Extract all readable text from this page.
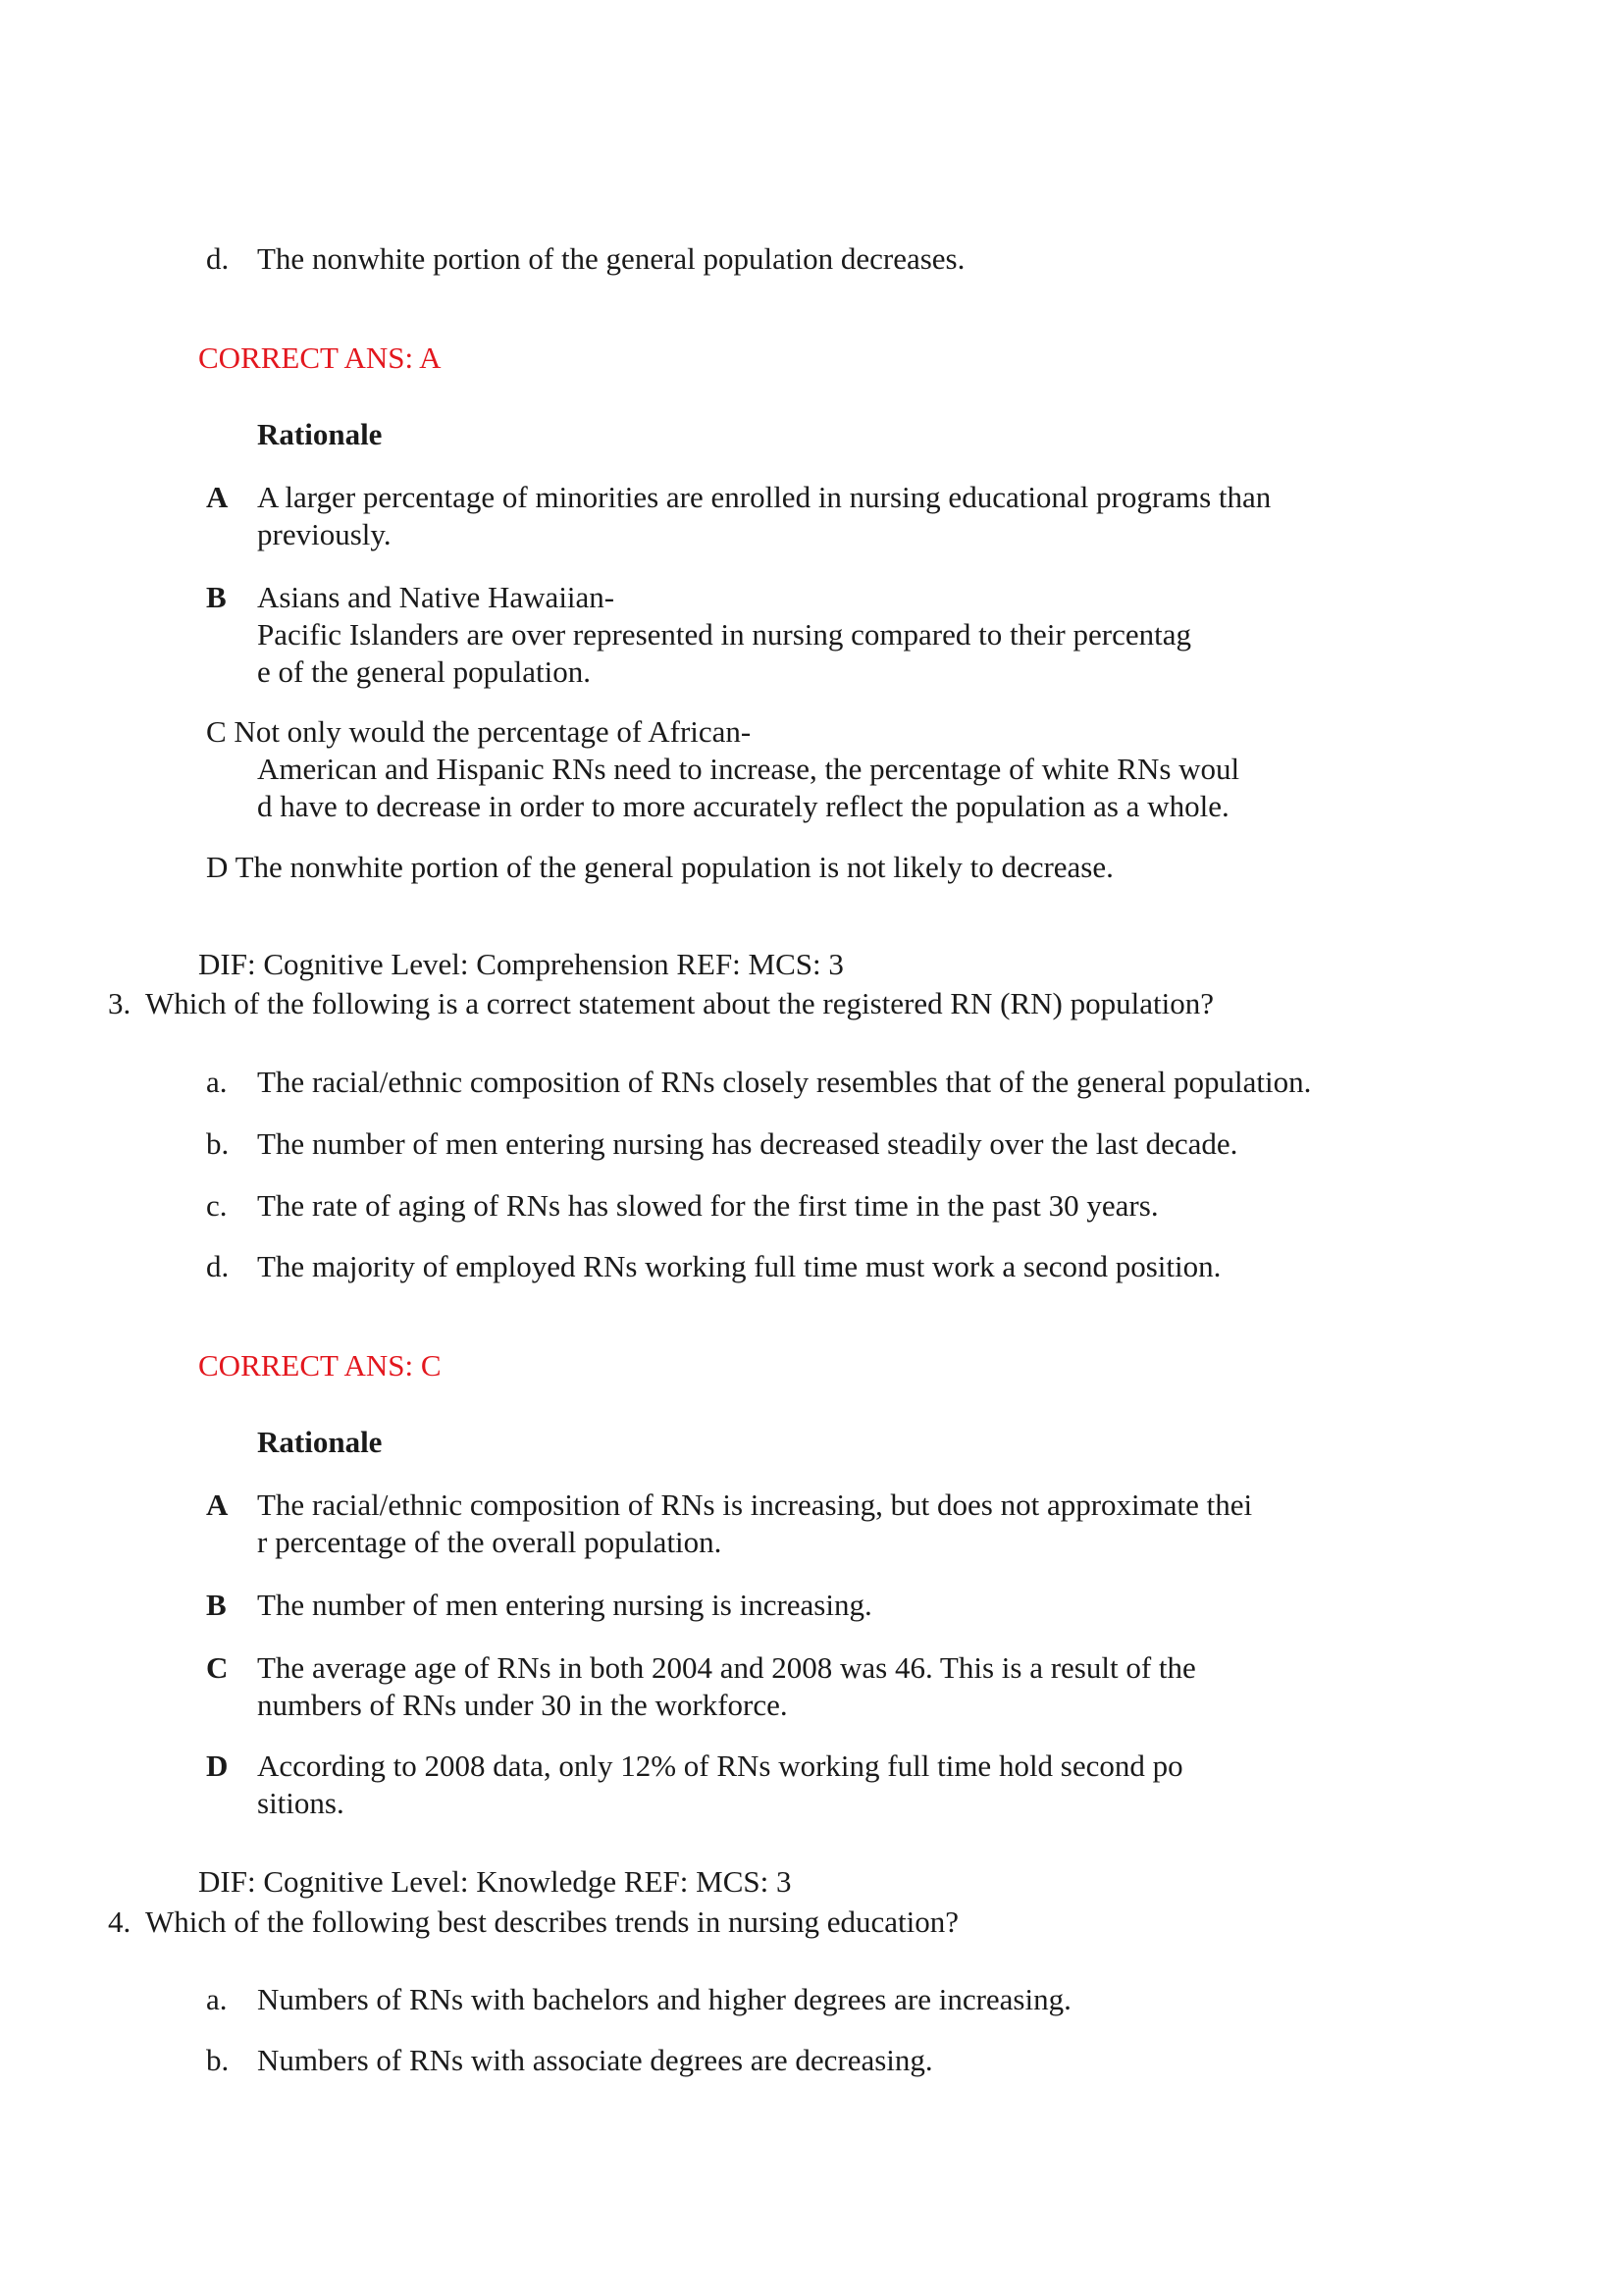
d. The nonwhite portion of the general population decreases.
CORRECT ANS: A
Rationale
A A larger percentage of minorities are enrolled in nursing educational programs than
previously.
B Asians and Native Hawaiian-
Pacific Islanders are over represented in nursing compared to their percentag
e of the general population.
C Not only would the percentage of African-
American and Hispanic RNs need to increase, the percentage of white RNs woul
d have to decrease in order to more accurately reflect the population as a whole.
D The nonwhite portion of the general population is not likely to decrease.
DIF: Cognitive Level: Comprehension REF: MCS: 3
3. Which of the following is a correct statement about the registered RN (RN) population?
a. The racial/ethnic composition of RNs closely resembles that of the general population.
b. The number of men entering nursing has decreased steadily over the last decade.
c. The rate of aging of RNs has slowed for the first time in the past 30 years.
d. The majority of employed RNs working full time must work a second position.
CORRECT ANS: C
Rationale
A The racial/ethnic composition of RNs is increasing, but does not approximate thei
r percentage of the overall population.
B The number of men entering nursing is increasing.
C The average age of RNs in both 2004 and 2008 was 46. This is a result of the
numbers of RNs under 30 in the workforce.
D According to 2008 data, only 12% of RNs working full time hold second po
sitions.
DIF: Cognitive Level: Knowledge REF: MCS: 3
4. Which of the following best describes trends in nursing education?
a. Numbers of RNs with bachelors and higher degrees are increasing.
b. Numbers of RNs with associate degrees are decreasing.
